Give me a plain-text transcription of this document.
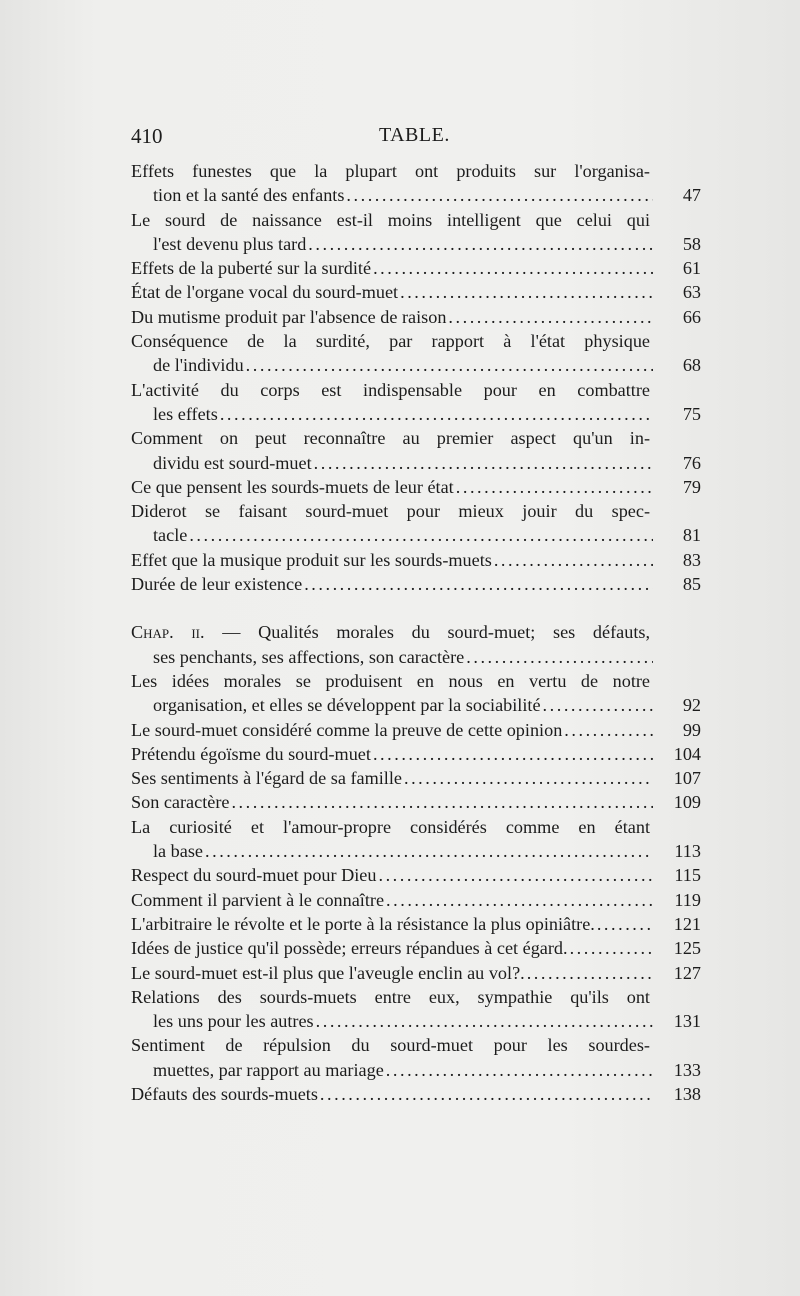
410	TABLE.
Effets funestes que la plupart ont produits sur l'organisa-
tion et la santé des enfants . . .	47
Le sourd de naissance est-il moins intelligent que celui qui
l'est devenu plus tard . . .	58
Effets de la puberté sur la surdité . . .	61
État de l'organe vocal du sourd-muet . . .	63
Du mutisme produit par l'absence de raison . . .	66
Conséquence de la surdité, par rapport à l'état physique
de l'individu . . .	68
L'activité du corps est indispensable pour en combattre
les effets . . .	75
Comment on peut reconnaître au premier aspect qu'un in-
dividu est sourd-muet . . .	76
Ce que pensent les sourds-muets de leur état . . .	79
Diderot se faisant sourd-muet pour mieux jouir du spec-
tacle . . .	81
Effet que la musique produit sur les sourds-muets . . .	83
Durée de leur existence . . .	85
Chap. ii. — Qualités morales du sourd-muet; ses défauts,
ses penchants, ses affections, son caractère
. . .
Les idées morales se produisent en nous en vertu de notre
organisation, et elles se développent par la sociabilité . . .	92
Le sourd-muet considéré comme la preuve de cette opinion . . .	99
Prétendu égoïsme du sourd-muet . . .	104
Ses sentiments à l'égard de sa famille . . .	107
Son caractère . . .	109
La curiosité et l'amour-propre considérés comme en étant
la base . . .	113
Respect du sourd-muet pour Dieu . . .	115
Comment il parvient à le connaître . . .	119
L'arbitraire le révolte et le porte à la résistance la plus opiniâtre. . . .	121
Idées de justice qu'il possède; erreurs répandues à cet égard. . . .	125
Le sourd-muet est-il plus que l'aveugle enclin au vol?. . . .	127
Relations des sourds-muets entre eux, sympathie qu'ils ont
les uns pour les autres . . .	131
Sentiment de répulsion du sourd-muet pour les sourdes-
muettes, par rapport au mariage . . .	133
Défauts des sourds-muets . . .	138
